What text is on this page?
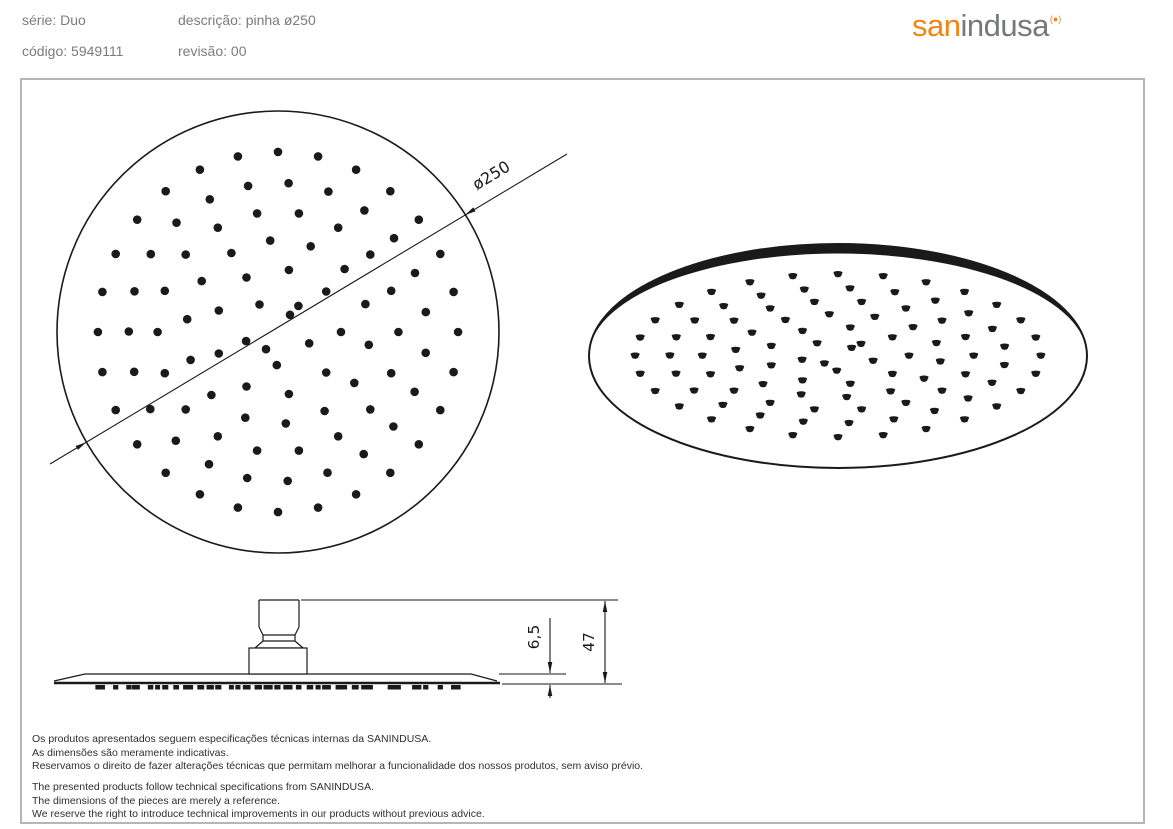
série: Duo	descrição: pinha ø250
código: 5949111	revisão: 00
sanindusa(●)
ø250
47
6,5
Os produtos apresentados seguem especificações técnicas internas da SANINDUSA.
As dimensões são meramente indicativas.
Reservamos o direito de fazer alterações técnicas que permitam melhorar a funcionalidade dos nossos produtos, sem aviso prévio.
The presented products follow technical specifications from SANINDUSA.
The dimensions of the pieces are merely a reference.
We reserve the right to introduce technical improvements in our products without previous advice.
